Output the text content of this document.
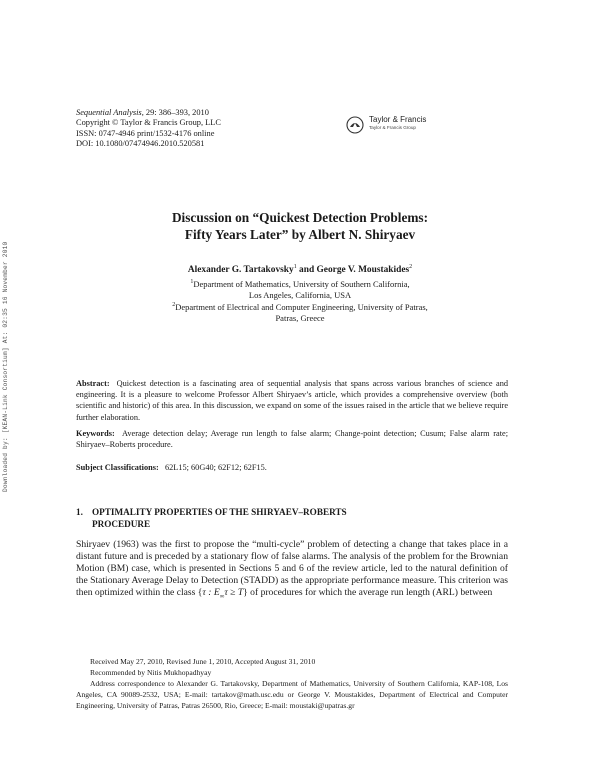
Downloaded by: [KEAN-Link Consortium] At: 02:35 16 November 2010
Sequential Analysis, 29: 386–393, 2010
Copyright © Taylor & Francis Group, LLC
ISSN: 0747-4946 print/1532-4176 online
DOI: 10.1080/07474946.2010.520581
Taylor & Francis
Taylor & Francis Group
Discussion on “Quickest Detection Problems:
Fifty Years Later” by Albert N. Shiryaev
Alexander G. Tartakovsky$^1$ and George V. Moustakides$^2$
$^1$Department of Mathematics, University of Southern California,
Los Angeles, California, USA
$^2$Department of Electrical and Computer Engineering, University of Patras,
Patras, Greece
Abstract: Quickest detection is a fascinating area of sequential analysis that spans across various branches of science and engineering. It is a pleasure to welcome Professor Albert Shiryaev’s article, which provides a comprehensive overview (both scientific and historic) of this area. In this discussion, we expand on some of the issues raised in the article that we believe require further elaboration.
Keywords: Average detection delay; Average run length to false alarm; Change-point detection; Cusum; False alarm rate; Shiryaev–Roberts procedure.
Subject Classifications: 62L15; 60G40; 62F12; 62F15.
1. OPTIMALITY PROPERTIES OF THE SHIRYAEV–ROBERTS
PROCEDURE
Shiryaev (1963) was the first to propose the “multi-cycle” problem of detecting a change that takes place in a distant future and is preceded by a stationary flow of false alarms. The analysis of the problem for the Brownian Motion (BM) case, which is presented in Sections 5 and 6 of the review article, led to the natural definition of the Stationary Average Delay to Detection (STADD) as the appropriate performance measure. This criterion was then optimized within the class {τ : $E_\infty\tau \ge T$} of procedures for which the average run length (ARL) between
Received May 27, 2010, Revised June 1, 2010, Accepted August 31, 2010
Recommended by Nitis Mukhopadhyay
Address correspondence to Alexander G. Tartakovsky, Department of Mathematics, University of Southern California, KAP-108, Los Angeles, CA 90089-2532, USA; E-mail: tartakov@math.usc.edu or George V. Moustakides, Department of Electrical and Computer Engineering, University of Patras, Patras 26500, Rio, Greece; E-mail: moustaki@upatras.gr
